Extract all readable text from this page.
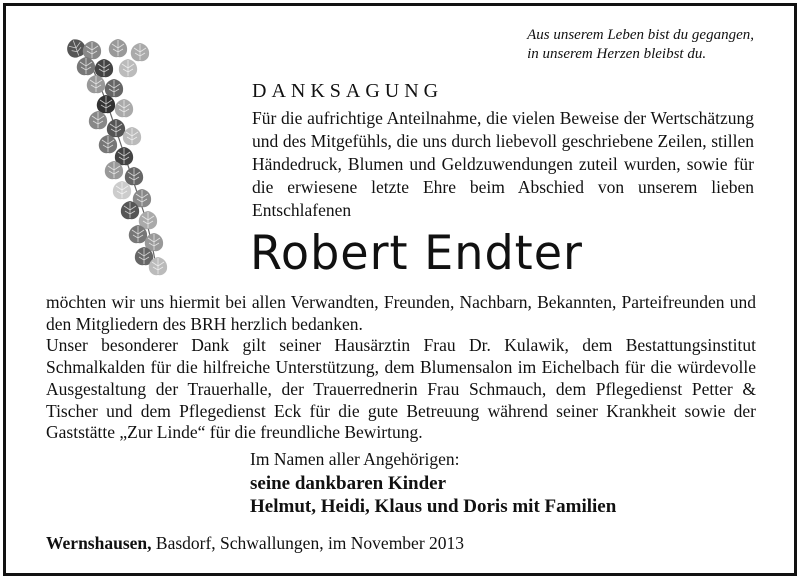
Aus unserem Leben bist du gegangen,
in unserem Herzen bleibst du.
DANKSAGUNG
Für die aufrichtige Anteilnahme, die vielen Beweise der Wertschätzung und des Mitgefühls, die uns durch liebevoll geschriebene Zeilen, stillen Händedruck, Blumen und Geldzuwendungen zuteil wurden, sowie für die erwiesene letzte Ehre beim Abschied von unserem lieben Entschlafenen
Robert Endter

möchten wir uns hiermit bei allen Verwandten, Freunden, Nachbarn, Bekannten, Parteifreunden und den Mitgliedern des BRH herzlich bedanken.

Unser besonderer Dank gilt seiner Hausärztin Frau Dr. Kulawik, dem Bestattungsinstitut Schmalkalden für die hilfreiche Unterstützung, dem Blumensalon im Eichelbach für die würdevolle Ausgestaltung der Trauerhalle, der Trauerrednerin Frau Schmauch, dem Pflegedienst Petter & Tischer und dem Pflegedienst Eck für die gute Betreuung während seiner Krankheit sowie der Gaststätte „Zur Linde“ für die freundliche Bewirtung.

Im Namen aller Angehörigen:
seine dankbaren Kinder
Helmut, Heidi, Klaus und Doris mit Familien
Wernshausen, Basdorf, Schwallungen, im November 2013
